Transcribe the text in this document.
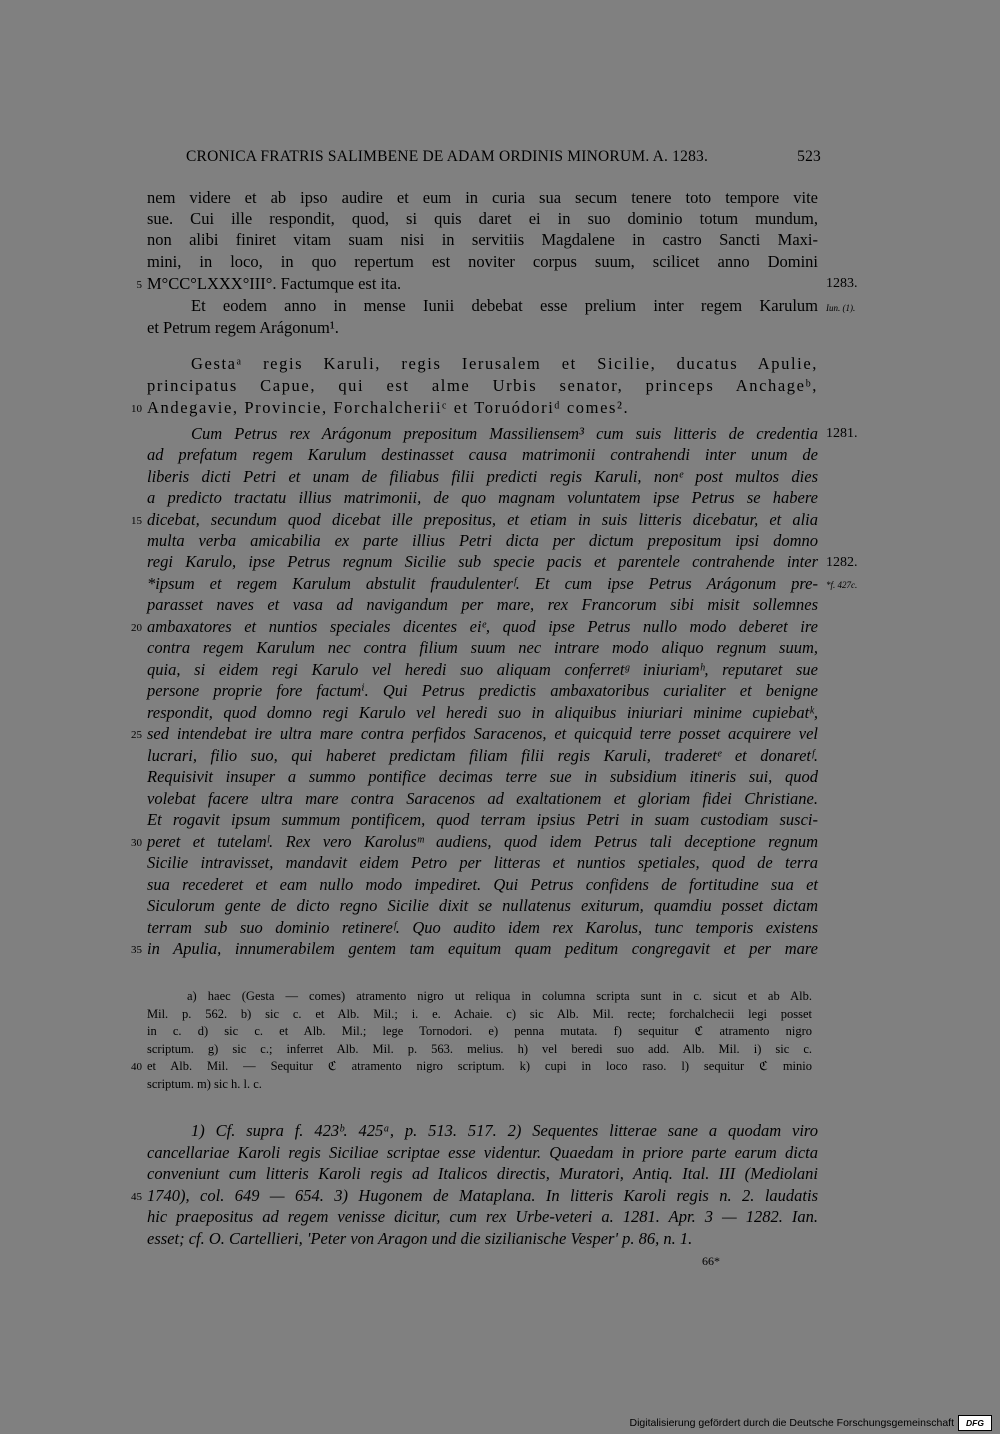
CRONICA FRATRIS SALIMBENE DE ADAM ORDINIS MINORUM. A. 1283.	523
nem videre et ab ipso audire et eum in curia sua secum tenere toto tempore vite
sue. Cui ille respondit, quod, si quis daret ei in suo dominio totum mundum,
non alibi finiret vitam suam nisi in servitiis Magdalene in castro Sancti Maxi-
mini, in loco, in quo repertum est noviter corpus suum, scilicet anno Domini
M°CC°LXXX°III°. Factumque est ita.
Et eodem anno in mense Iunii debebat esse prelium inter regem Karulum
et Petrum regem Arágonum¹.
Gestaᵃ regis Karuli, regis Ierusalem et Sicilie, ducatus Apulie,
principatus Capue, qui est alme Urbis senator, princeps Anchageᵇ,
Andegavie, Provincie, Forchalcheriiᶜ et Toruódoriᵈ comes².
Cum Petrus rex Arágonum prepositum Massiliensem³ cum suis litteris de credentia
ad prefatum regem Karulum destinasset causa matrimonii contrahendi inter unum de
liberis dicti Petri et unam de filiabus filii predicti regis Karuli, nonᵉ post multos dies
a predicto tractatu illius matrimonii, de quo magnam voluntatem ipse Petrus se habere
dicebat, secundum quod dicebat ille prepositus, et etiam in suis litteris dicebatur, et alia
multa verba amicabilia ex parte illius Petri dicta per dictum prepositum ipsi domno
regi Karulo, ipse Petrus regnum Sicilie sub specie pacis et parentele contrahende inter
*ipsum et regem Karulum abstulit fraudulenterᶠ. Et cum ipse Petrus Arágonum pre-
parasset naves et vasa ad navigandum per mare, rex Francorum sibi misit sollemnes
ambaxatores et nuntios speciales dicentes eiᵉ, quod ipse Petrus nullo modo deberet ire
contra regem Karulum nec contra filium suum nec intrare modo aliquo regnum suum,
quia, si eidem regi Karulo vel heredi suo aliquam conferretᵍ iniuriamʰ, reputaret sue
persone proprie fore factumⁱ. Qui Petrus predictis ambaxatoribus curialiter et benigne
respondit, quod domno regi Karulo vel heredi suo in aliquibus iniuriari minime cupiebatᵏ,
sed intendebat ire ultra mare contra perfidos Saracenos, et quicquid terre posset acquirere vel
lucrari, filio suo, qui haberet predictam filiam filii regis Karuli, traderetᵉ et donaretᶠ.
Requisivit insuper a summo pontifice decimas terre sue in subsidium itineris sui, quod
volebat facere ultra mare contra Saracenos ad exaltationem et gloriam fidei Christiane.
Et rogavit ipsum summum pontificem, quod terram ipsius Petri in suam custodiam susci-
peret et tutelamˡ. Rex vero Karolusᵐ audiens, quod idem Petrus tali deceptione regnum
Sicilie intravisset, mandavit eidem Petro per litteras et nuntios spetiales, quod de terra
sua recederet et eam nullo modo impediret. Qui Petrus confidens de fortitudine sua et
Siculorum gente de dicto regno Sicilie dixit se nullatenus exiturum, quamdiu posset dictam
terram sub suo dominio retinereᶠ. Quo audito idem rex Karolus, tunc temporis existens
in Apulia, innumerabilem gentem tam equitum quam peditum congregavit et per mare
a) haec (Gesta — comes) atramento nigro ut reliqua in columna scripta sunt in c. sicut et ab Alb.
Mil. p. 562. b) sic c. et Alb. Mil.; i. e. Achaie. c) sic Alb. Mil. recte; forchalchecii legi posset
in c. d) sic c. et Alb. Mil.; lege Tornodori. e) penna mutata. f) sequitur ℭ atramento nigro
scriptum. g) sic c.; inferret Alb. Mil. p. 563. melius. h) vel beredi suo add. Alb. Mil. i) sic c.
et Alb. Mil. — Sequitur ℭ atramento nigro scriptum. k) cupi in loco raso. l) sequitur ℭ minio
scriptum. m) sic h. l. c.
1) Cf. supra f. 423ᵇ. 425ᵃ, p. 513. 517. 2) Sequentes litterae sane a quodam viro
cancellariae Karoli regis Siciliae scriptae esse videntur. Quaedam in priore parte earum dicta
conveniunt cum litteris Karoli regis ad Italicos directis, Muratori, Antiq. Ital. III (Mediolani
1740), col. 649 — 654. 3) Hugonem de Mataplana. In litteris Karoli regis n. 2. laudatis
hic praepositus ad regem venisse dicitur, cum rex Urbe-veteri a. 1281. Apr. 3 — 1282. Ian.
esset; cf. O. Cartellieri, 'Peter von Aragon und die sizilianische Vesper' p. 86, n. 1.
5
10
15
20
25
30
35
40
45
1283.
Iun. (1).
1281.
1282.
*f. 427c.
66*
Digitalisierung gefördert durch die Deutsche Forschungsgemeinschaft DFG
